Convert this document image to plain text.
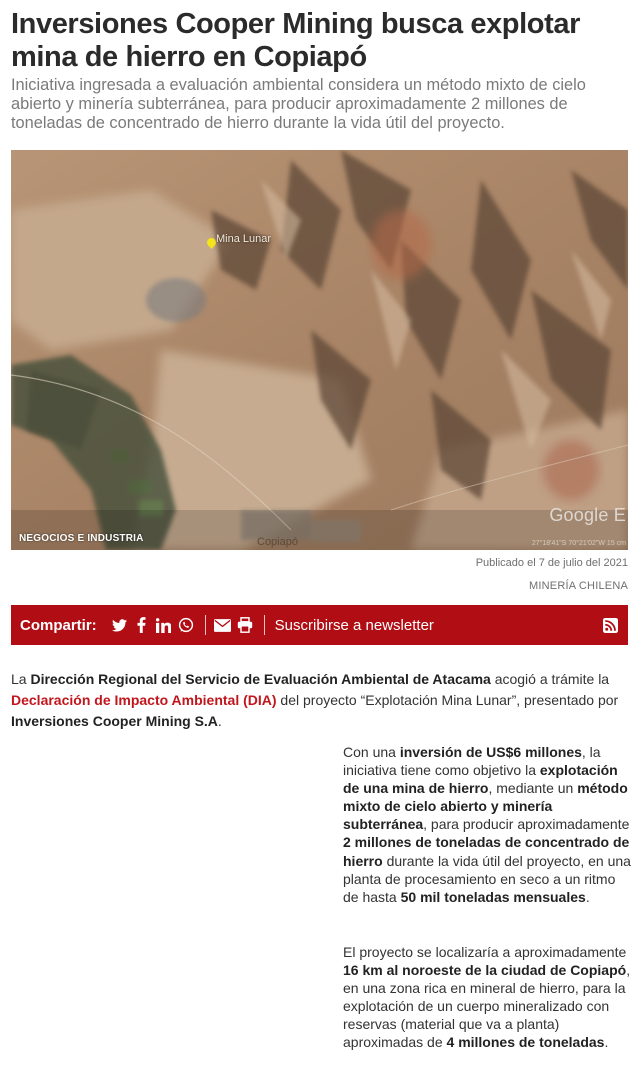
Inversiones Cooper Mining busca explotar mina de hierro en Copiapó

Iniciativa ingresada a evaluación ambiental considera un método mixto de cielo abierto y minería subterránea, para producir aproximadamente 2 millones de toneladas de concentrado de hierro durante la vida útil del proyecto.

Mina Lunar
Google E
Copiapó	27°18'41"S 70°21'02"W 15 cm
NEGOCIOS E INDUSTRIA
Publicado el 7 de julio del 2021
MINERÍA CHILENA
Compartir:	Suscribirse a newsletter

La Dirección Regional del Servicio de Evaluación Ambiental de Atacama acogió a trámite la Declaración de Impacto Ambiental (DIA) del proyecto “Explotación Mina Lunar”, presentado por Inversiones Cooper Mining S.A.

Con una inversión de US$6 millones, la iniciativa tiene como objetivo la explotación de una mina de hierro, mediante un método mixto de cielo abierto y minería subterránea, para producir aproximadamente 2 millones de toneladas de concentrado de hierro durante la vida útil del proyecto, en una planta de procesamiento en seco a un ritmo de hasta 50 mil toneladas mensuales.

El proyecto se localizaría a aproximadamente 16 km al noroeste de la ciudad de Copiapó, en una zona rica en mineral de hierro, para la explotación de un cuerpo mineralizado con reservas (material que va a planta) aproximadas de 4 millones de toneladas.
